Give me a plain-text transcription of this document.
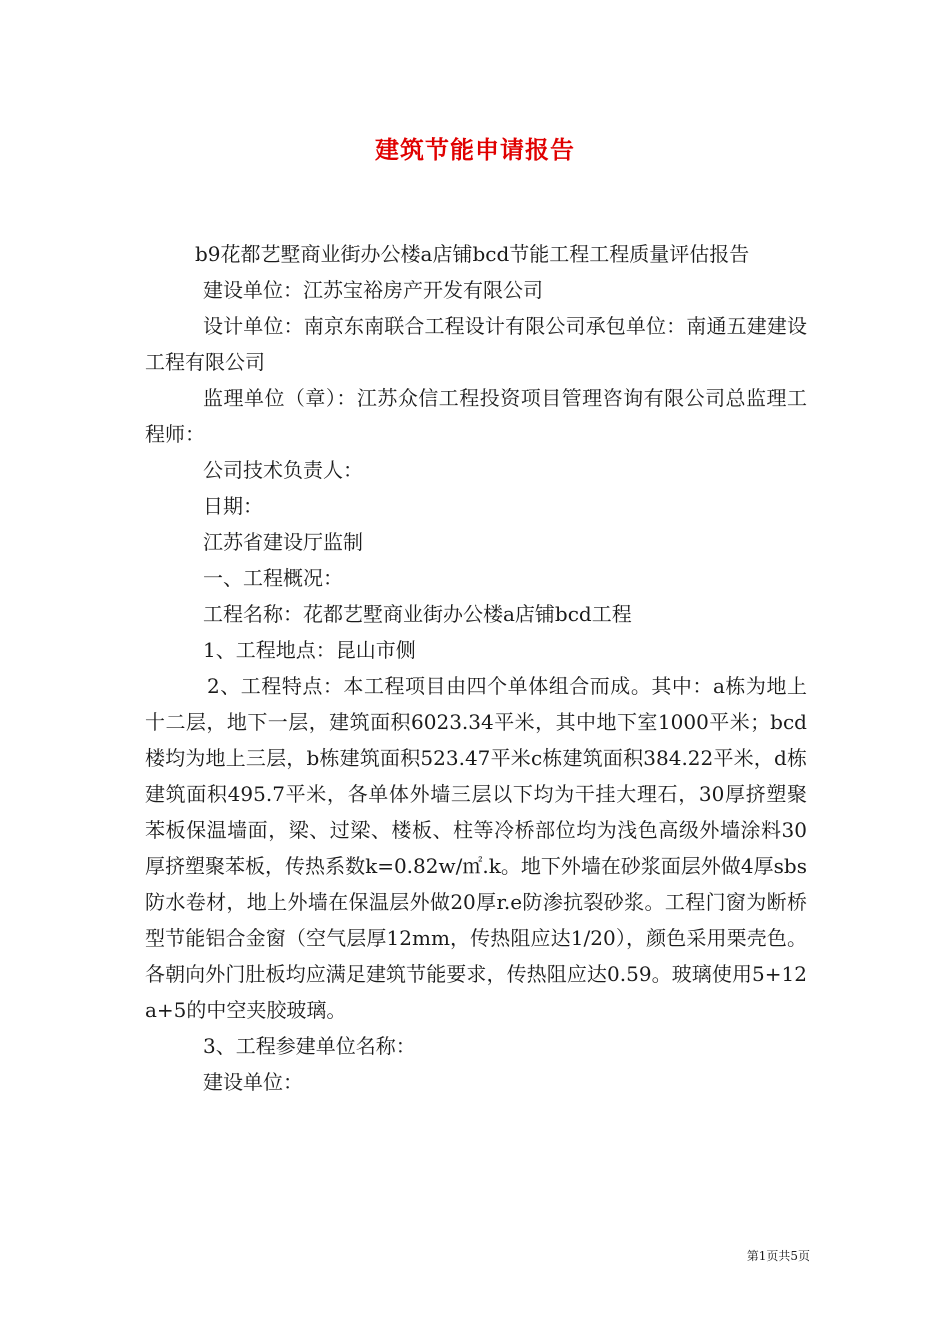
建筑节能申请报告

b9花都艺墅商业街办公楼a店铺bcd节能工程工程质量评估报告

建设单位：江苏宝裕房产开发有限公司

设计单位：南京东南联合工程设计有限公司承包单位：南通五建建设工程有限公司

监理单位（章）：江苏众信工程投资项目管理咨询有限公司总监理工程师：

公司技术负责人：

日期：

江苏省建设厅监制

一、工程概况：

工程名称：花都艺墅商业街办公楼a店铺bcd工程

1、工程地点：昆山市侧

2、工程特点：本工程项目由四个单体组合而成。其中：a栋为地上十二层，地下一层，建筑面积6023.34平米，其中地下室1000平米；bcd楼均为地上三层，b栋建筑面积523.47平米c栋建筑面积384.22平米，d栋建筑面积495.7平米，各单体外墙三层以下均为干挂大理石，30厚挤塑聚苯板保温墙面，梁、过梁、楼板、柱等冷桥部位均为浅色高级外墙涂料30厚挤塑聚苯板，传热系数k=0.82w/㎡.k。地下外墙在砂浆面层外做4厚sbs防水卷材，地上外墙在保温层外做20厚r.e防渗抗裂砂浆。工程门窗为断桥型节能铝合金窗（空气层厚12mm，传热阻应达1/20），颜色采用栗壳色。各朝向外门肚板均应满足建筑节能要求，传热阻应达0.59。玻璃使用5+12a+5的中空夹胶玻璃。

3、工程参建单位名称：

建设单位：

第1页共5页
